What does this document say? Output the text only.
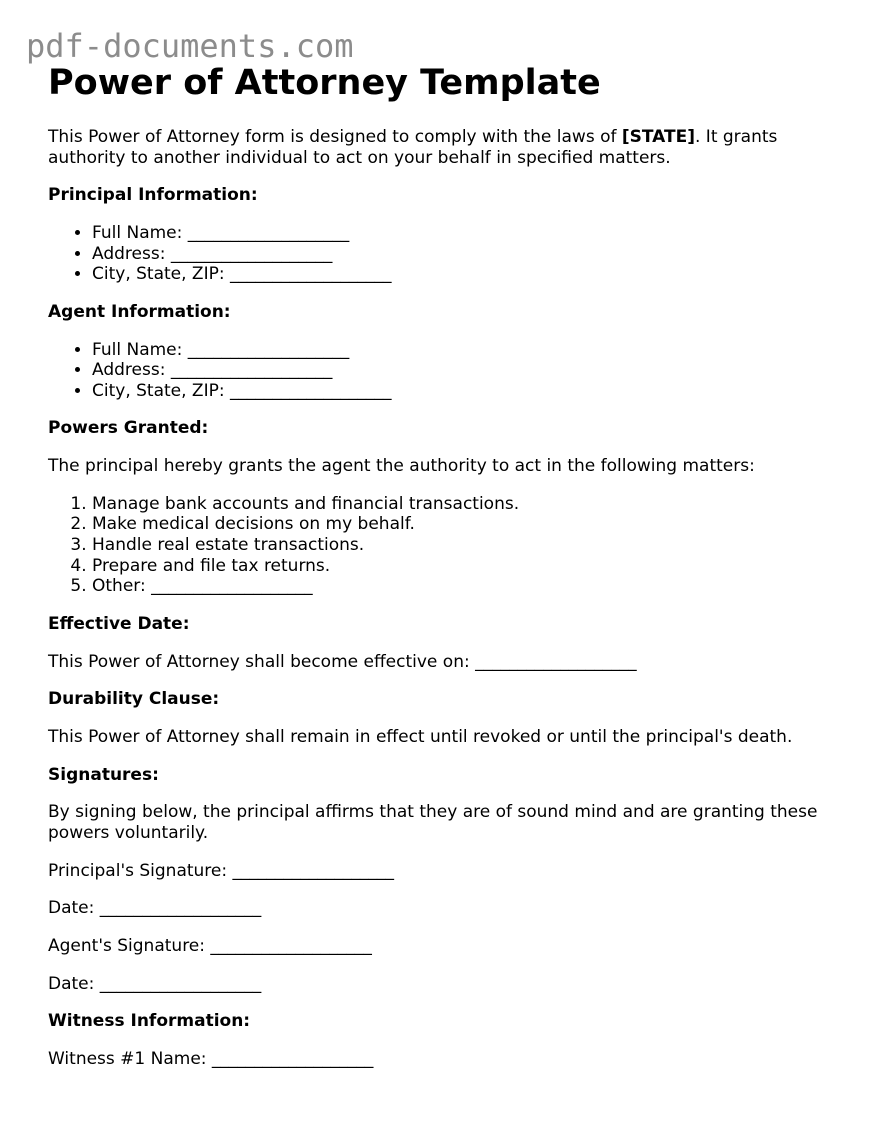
pdf-documents.com
Power of Attorney Template

This Power of Attorney form is designed to comply with the laws of [STATE]. It grants authority to another individual to act on your behalf in specified matters.

Principal Information:
• Full Name: ___________________
• Address: ___________________
• City, State, ZIP: ___________________
Agent Information:
• Full Name: ___________________
• Address: ___________________
• City, State, ZIP: ___________________
Powers Granted:

The principal hereby grants the agent the authority to act in the following matters:

1. Manage bank accounts and financial transactions.
2. Make medical decisions on my behalf.
3. Handle real estate transactions.
4. Prepare and file tax returns.
5. Other: ___________________
Effective Date:

This Power of Attorney shall become effective on: ___________________

Durability Clause:

This Power of Attorney shall remain in effect until revoked or until the principal's death.

Signatures:

By signing below, the principal affirms that they are of sound mind and are granting these powers voluntarily.

Principal's Signature: ___________________

Date: ___________________

Agent's Signature: ___________________

Date: ___________________

Witness Information:

Witness #1 Name: ___________________
